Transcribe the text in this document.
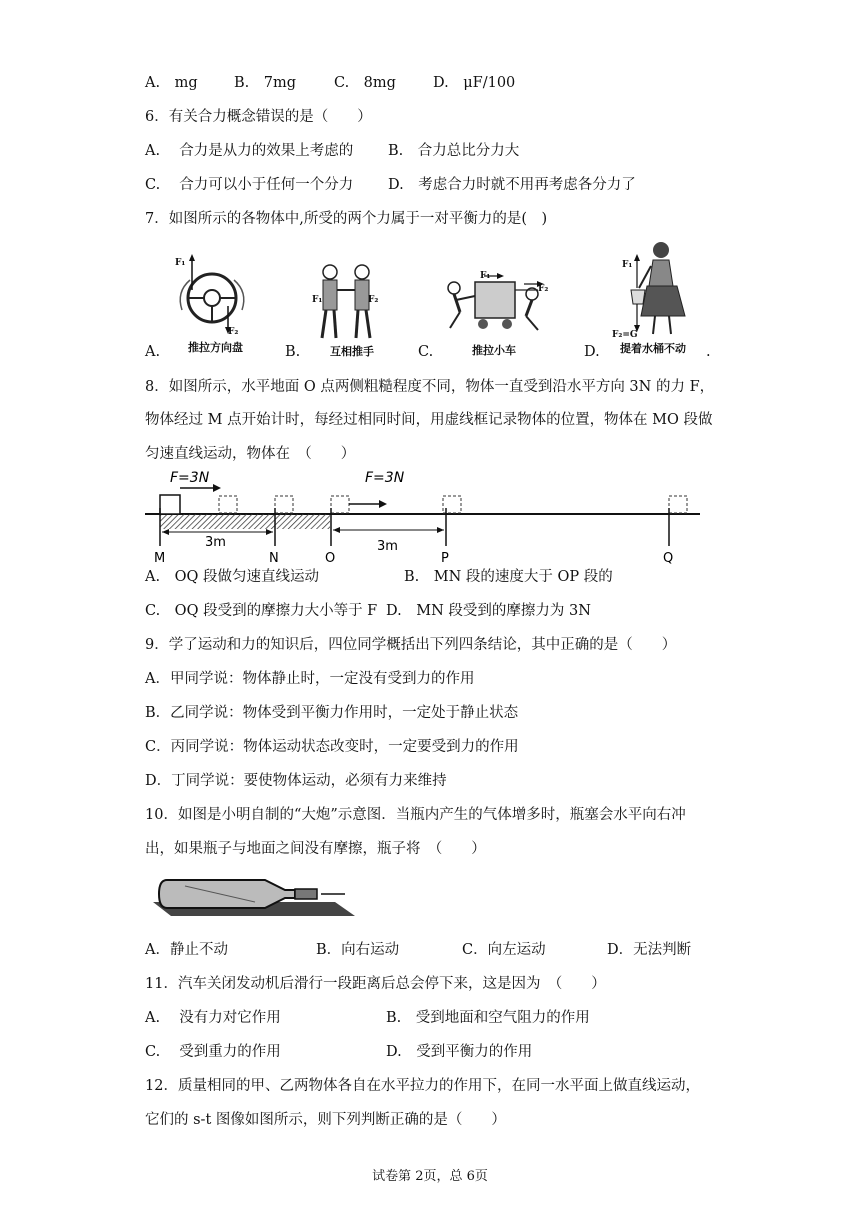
A.　mg	B.　7mg	C.　8mg	D.　μF/100
6．有关合力概念错误的是（　　）
A.　 合力是从力的效果上考虑的 B.　合力总比分力大
C.　 合力可以小于任何一个分力 D.　考虑合力时就不用再考虑各分力了
7．如图所示的各物体中,所受的两个力属于一对平衡力的是(　)
F₁
F₂
F₁	F₂
F₁
F₂
F₁
F₂=G
A.	推拉方向盘	B.	互相推手	C.	推拉小车	D. 提着水桶不动 .
8．如图所示，水平地面 O 点两侧粗糙程度不同，物体一直受到沿水平方向 3N 的力 F，
物体经过 M 点开始计时，每经过相同时间，用虚线框记录物体的位置，物体在 MO 段做
匀速直线运动，物体在　（　　）
F=3N	F=3N
3m	3m
M	N	O	P	Q
A.　OQ 段做匀速直线运动	B.　MN 段的速度大于 OP 段的
C.　OQ 段受到的摩擦力大小等于 F D.　MN 段受到的摩擦力为 3N
9．学了运动和力的知识后，四位同学概括出下列四条结论，其中正确的是（　　）
A．甲同学说：物体静止时，一定没有受到力的作用
B．乙同学说：物体受到平衡力作用时，一定处于静止状态
C．丙同学说：物体运动状态改变时，一定要受到力的作用
D．丁同学说：要使物体运动，必须有力来维持
10．如图是小明自制的“大炮”示意图．当瓶内产生的气体增多时，瓶塞会水平向右冲
出，如果瓶子与地面之间没有摩擦，瓶子将　（　　）
A．静止不动	B．向右运动	C．向左运动	D．无法判断
11．汽车关闭发动机后滑行一段距离后总会停下来，这是因为　（　　）
A.　 没有力对它作用	B.　受到地面和空气阻力的作用
C.　 受到重力的作用	D.　受到平衡力的作用
12．质量相同的甲、乙两物体各自在水平拉力的作用下，在同一水平面上做直线运动，
它们的 s-t 图像如图所示，则下列判断正确的是（　　）
试卷第 2页，总 6页
